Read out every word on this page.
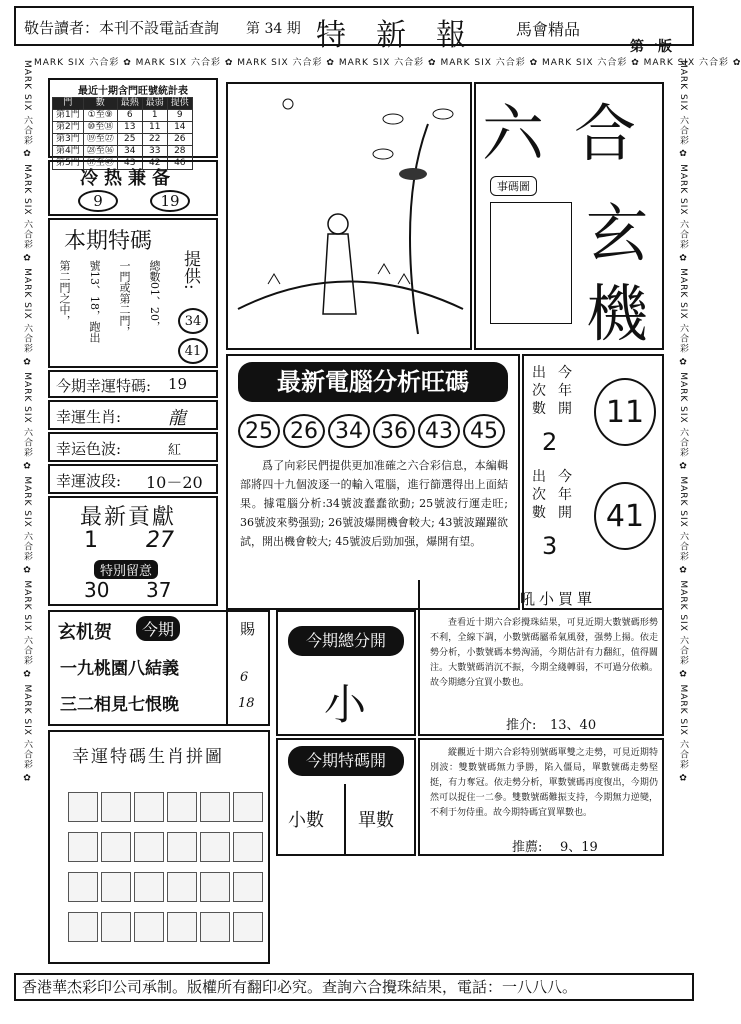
敬告讀者：本刊不設電話查詢 第 34 期 特新報 馬會精品
第一版
MARK SIX 六合彩 ✿ MARK SIX 六合彩 ✿ MARK SIX 六合彩 ✿ MARK SIX 六合彩 ✿ MARK SIX 六合彩 ✿ MARK SIX 六合彩 ✿ MARK SIX 六合彩 ✿
MARK SIX 六合彩 ✿ MARK SIX 六合彩 ✿ MARK SIX 六合彩 ✿ MARK SIX 六合彩 ✿ MARK SIX 六合彩 ✿ MARK SIX 六合彩 ✿ MARK SIX 六合彩 ✿
MARK SIX 六合彩 ✿ MARK SIX 六合彩 ✿ MARK SIX 六合彩 ✿ MARK SIX 六合彩 ✿ MARK SIX 六合彩 ✿ MARK SIX 六合彩 ✿ MARK SIX 六合彩 ✿
最近十期含門旺號統計表
門	數	最熱	最弱	提供
第1門	①至⑨	6	1	9
第2門	⑩至⑱	13	11	14
第3門	⑲至㉗	25	22	26
第4門	㉘至㊱	34	33	28
第5門	㊲至㊾	43	42	46
冷热兼备
9	19
本期特碼
提供:
34
41
第二門之中， 號13、18，跑出 一門或第二門， 總數01、20，
今期幸運特碼: 19
幸運生肖:	龍
幸运色波:	紅
幸運波段: 10－20
最新貢獻
1 27
特別留意
30 37
玄机贺	今期
一九桃園八結義
三二相見七恨晚
賜
6
18
幸運特碼生肖拼圖
六 合
玄
機
事碼圖
最新電腦分析旺碼
25 26 34 36 43 45
爲了向彩民們提供更加准確之六合彩信息，本編輯部將四十九個波逐一的輸入電腦，進行篩選得出上面結果。據電腦分析:34號波蠢蠢欲動; 25號波行運走旺; 36號波來勢强勁; 26號波爆開機會較大; 43號波躍躍欲試，開出機會較大; 45號波后勁加强，爆開有望。
出次數
今年開
2
11
出次數
今年開
3
41
今期總分開
小
吼小買單
查看近十期六合彩攪珠結果，可見近期大數號碼形勢不利，全線下調，小數號碼屬希氣風發，强勢上揚。依走勢分析，小數號碼本勢洶涌，今期估計有力翻紅，值得關注。大數號碼消沉不振，今期全綫轉弱，不可過分依賴。故今期總分宜買小數也。
推介: 13、40
今期特碼開
小數 單數
縱觀近十期六合彩特别號碼單雙之走勢，可見近期特別波：雙數號碼無力爭勝，陷入僵局，單數號碼走勢堅挺，有力奪冠。依走勢分析，單數號碼再度復出，今期仍然可以捉住一二參。雙數號碼難振支持，今期無力逆變，不利于勿侍重。故今期特碼宜買單數也。
推薦: 9、19
香港華杰彩印公司承制。版權所有翻印必究。查詢六合攪珠結果，電話：一八八八。
